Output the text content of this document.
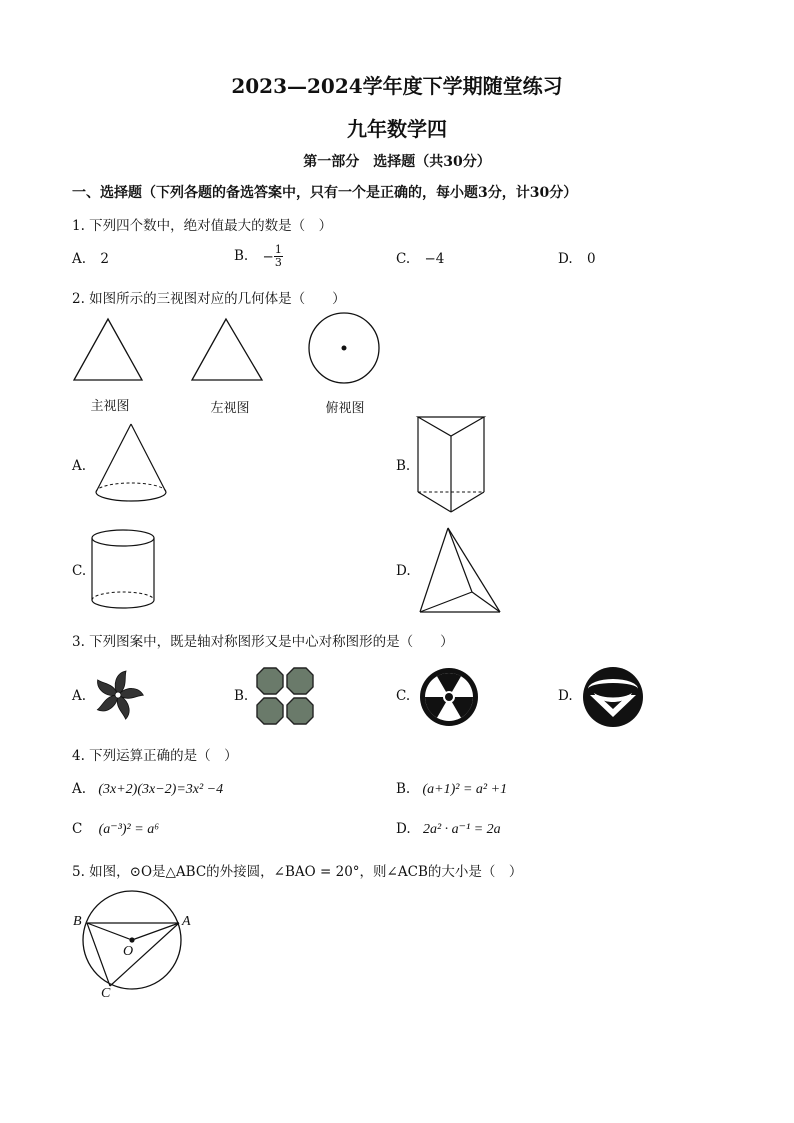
2023—2024学年度下学期随堂练习
九年数学四
第一部分　选择题（共30分）
一、选择题（下列各题的备选答案中，只有一个是正确的，每小题3分，计30分）
1. 下列四个数中，绝对值最大的数是（　）
A. 2	B. − $\frac{1}{3}$	C. −4	D. 0
2. 如图所示的三视图对应的几何体是（　　）
主视图	左视图	俯视图
A.	B.
C.	D.
3. 下列图案中，既是轴对称图形又是中心对称图形的是（　　）
A.	B.	C.	D.
4. 下列运算正确的是（　）
A. (3x+2)(3x−2)=3x² −4	B. (a+1)² = a² +1
C (a⁻³)² = a⁶	D. 2a² · a⁻¹ = 2a
5. 如图，⊙O是△ABC的外接圆，∠BAO = 20°，则∠ACB的大小是（　）
B	A
O
C
